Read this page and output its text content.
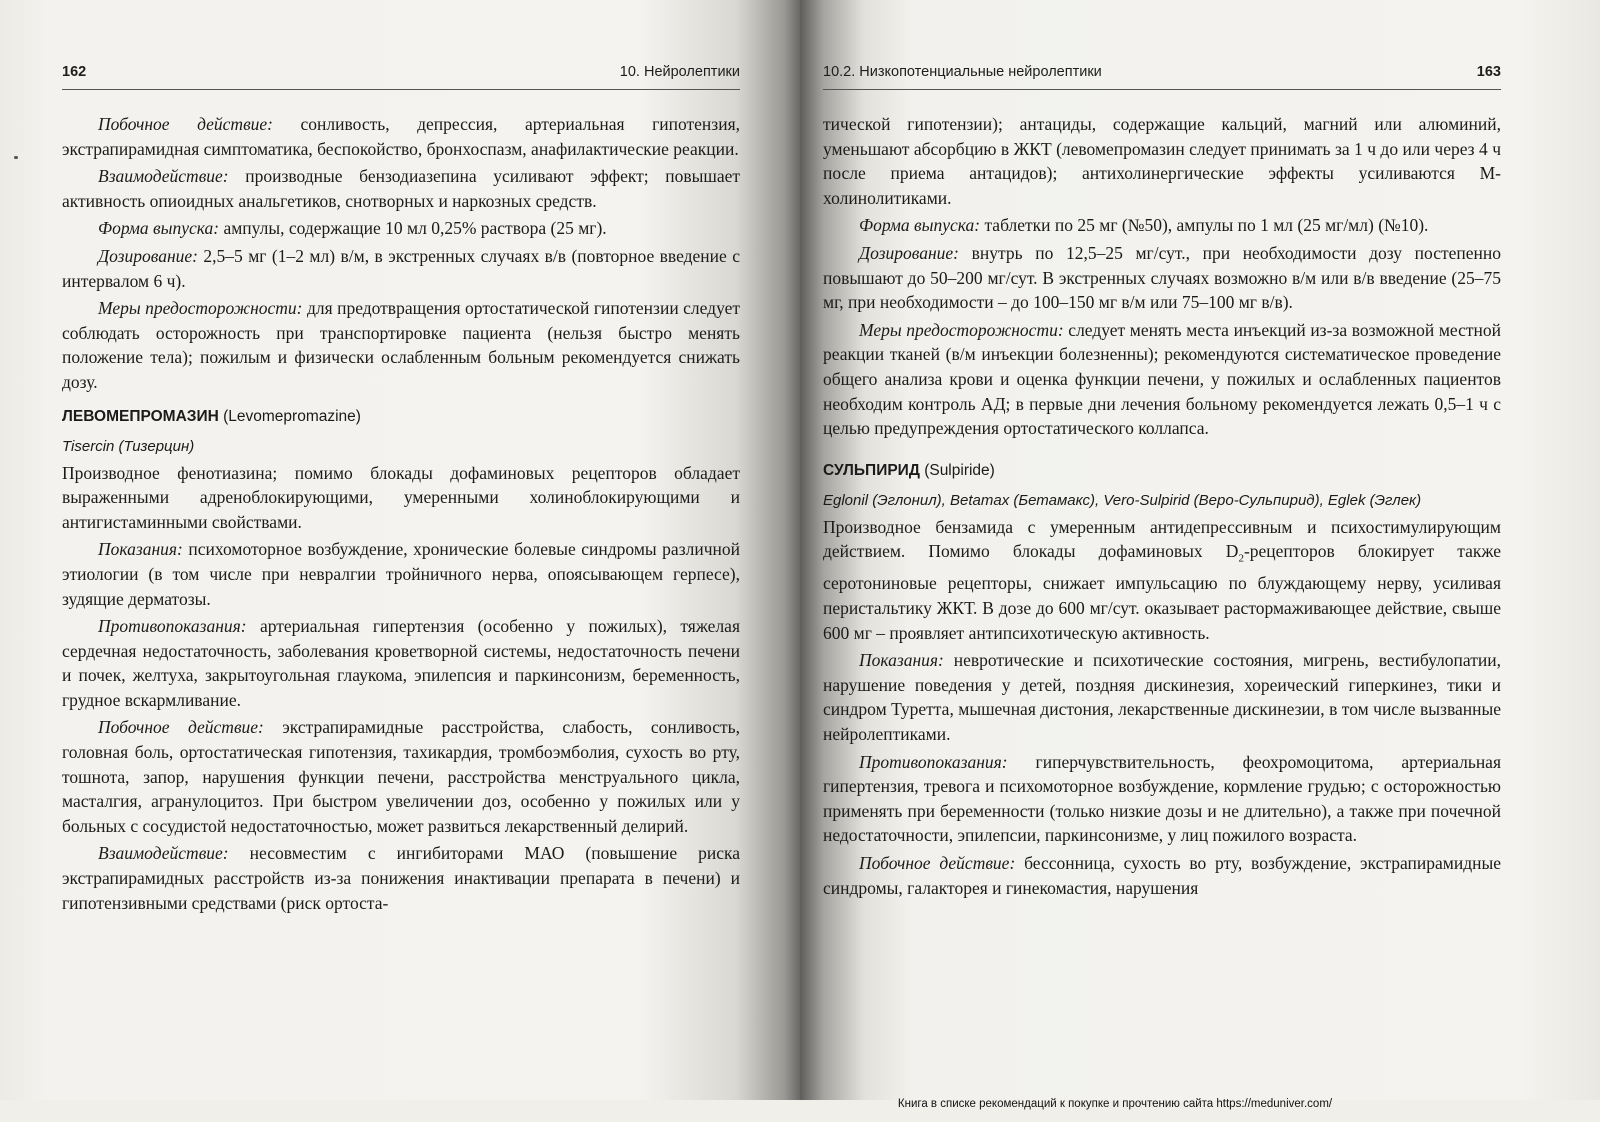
162	10. Нейролептики

Побочное действие: сонливость, депрессия, артериальная гипотензия, экстрапирамидная симптоматика, беспокойство, бронхоспазм, анафилактические реакции.

Взаимодействие: производные бензодиазепина усиливают эффект; повышает активность опиоидных анальгетиков, снотворных и наркозных средств.

Форма выпуска: ампулы, содержащие 10 мл 0,25% раствора (25 мг).

Дозирование: 2,5–5 мг (1–2 мл) в/м, в экстренных случаях в/в (повторное введение с интервалом 6 ч).

Меры предосторожности: для предотвращения ортостатической гипотензии следует соблюдать осторожность при транспортировке пациента (нельзя быстро менять положение тела); пожилым и физически ослабленным больным рекомендуется снижать дозу.

ЛЕВОМЕПРОМАЗИН (Levomepromazine)
Tisercin (Тизерцин)

Производное фенотиазина; помимо блокады дофаминовых рецепторов обладает выраженными адреноблокирующими, умеренными холиноблокирующими и антигистаминными свойствами.

Показания: психомоторное возбуждение, хронические болевые синдромы различной этиологии (в том числе при невралгии тройничного нерва, опоясывающем герпесе), зудящие дерматозы.

Противопоказания: артериальная гипертензия (особенно у пожилых), тяжелая сердечная недостаточность, заболевания кроветворной системы, недостаточность печени и почек, желтуха, закрытоугольная глаукома, эпилепсия и паркинсонизм, беременность, грудное вскармливание.

Побочное действие: экстрапирамидные расстройства, слабость, сонливость, головная боль, ортостатическая гипотензия, тахикардия, тромбоэмболия, сухость во рту, тошнота, запор, нарушения функции печени, расстройства менструального цикла, масталгия, агранулоцитоз. При быстром увеличении доз, особенно у пожилых или у больных с сосудистой недостаточностью, может развиться лекарственный делирий.

Взаимодействие: несовместим с ингибиторами МАО (повышение риска экстрапирамидных расстройств из-за понижения инактивации препарата в печени) и гипотензивными средствами (риск ортоста-

10.2. Низкопотенциальные нейролептики	163

тической гипотензии); антациды, содержащие кальций, магний или алюминий, уменьшают абсорбцию в ЖКТ (левомепромазин следует принимать за 1 ч до или через 4 ч после приема антацидов); антихолинергические эффекты усиливаются М-холинолитиками.

Форма выпуска: таблетки по 25 мг (№50), ампулы по 1 мл (25 мг/мл) (№10).

Дозирование: внутрь по 12,5–25 мг/сут., при необходимости дозу постепенно повышают до 50–200 мг/сут. В экстренных случаях возможно в/м или в/в введение (25–75 мг, при необходимости – до 100–150 мг в/м или 75–100 мг в/в).

Меры предосторожности: следует менять места инъекций из-за возможной местной реакции тканей (в/м инъекции болезненны); рекомендуются систематическое проведение общего анализа крови и оценка функции печени, у пожилых и ослабленных пациентов необходим контроль АД; в первые дни лечения больному рекомендуется лежать 0,5–1 ч с целью предупреждения ортостатического коллапса.

СУЛЬПИРИД (Sulpiride)
Eglonil (Эглонил), Betamax (Бетамакс), Vero-Sulpirid (Веро-Сульпирид), Eglek (Эглек)

Производное бензамида с умеренным антидепрессивным и психостимулирующим действием. Помимо блокады дофаминовых $D_2$-рецепторов блокирует также серотониновые рецепторы, снижает импульсацию по блуждающему нерву, усиливая перистальтику ЖКТ. В дозе до 600 мг/сут. оказывает растормаживающее действие, свыше 600 мг – проявляет антипсихотическую активность.

Показания: невротические и психотические состояния, мигрень, вестибулопатии, нарушение поведения у детей, поздняя дискинезия, хореический гиперкинез, тики и синдром Туретта, мышечная дистония, лекарственные дискинезии, в том числе вызванные нейролептиками.

Противопоказания: гиперчувствительность, феохромоцитома, артериальная гипертензия, тревога и психомоторное возбуждение, кормление грудью; с осторожностью применять при беременности (только низкие дозы и не длительно), а также при почечной недостаточности, эпилепсии, паркинсонизме, у лиц пожилого возраста.

Побочное действие: бессонница, сухость во рту, возбуждение, экстрапирамидные синдромы, галакторея и гинекомастия, нарушения

Книга в списке рекомендаций к покупке и прочтению сайта https://meduniver.com/
